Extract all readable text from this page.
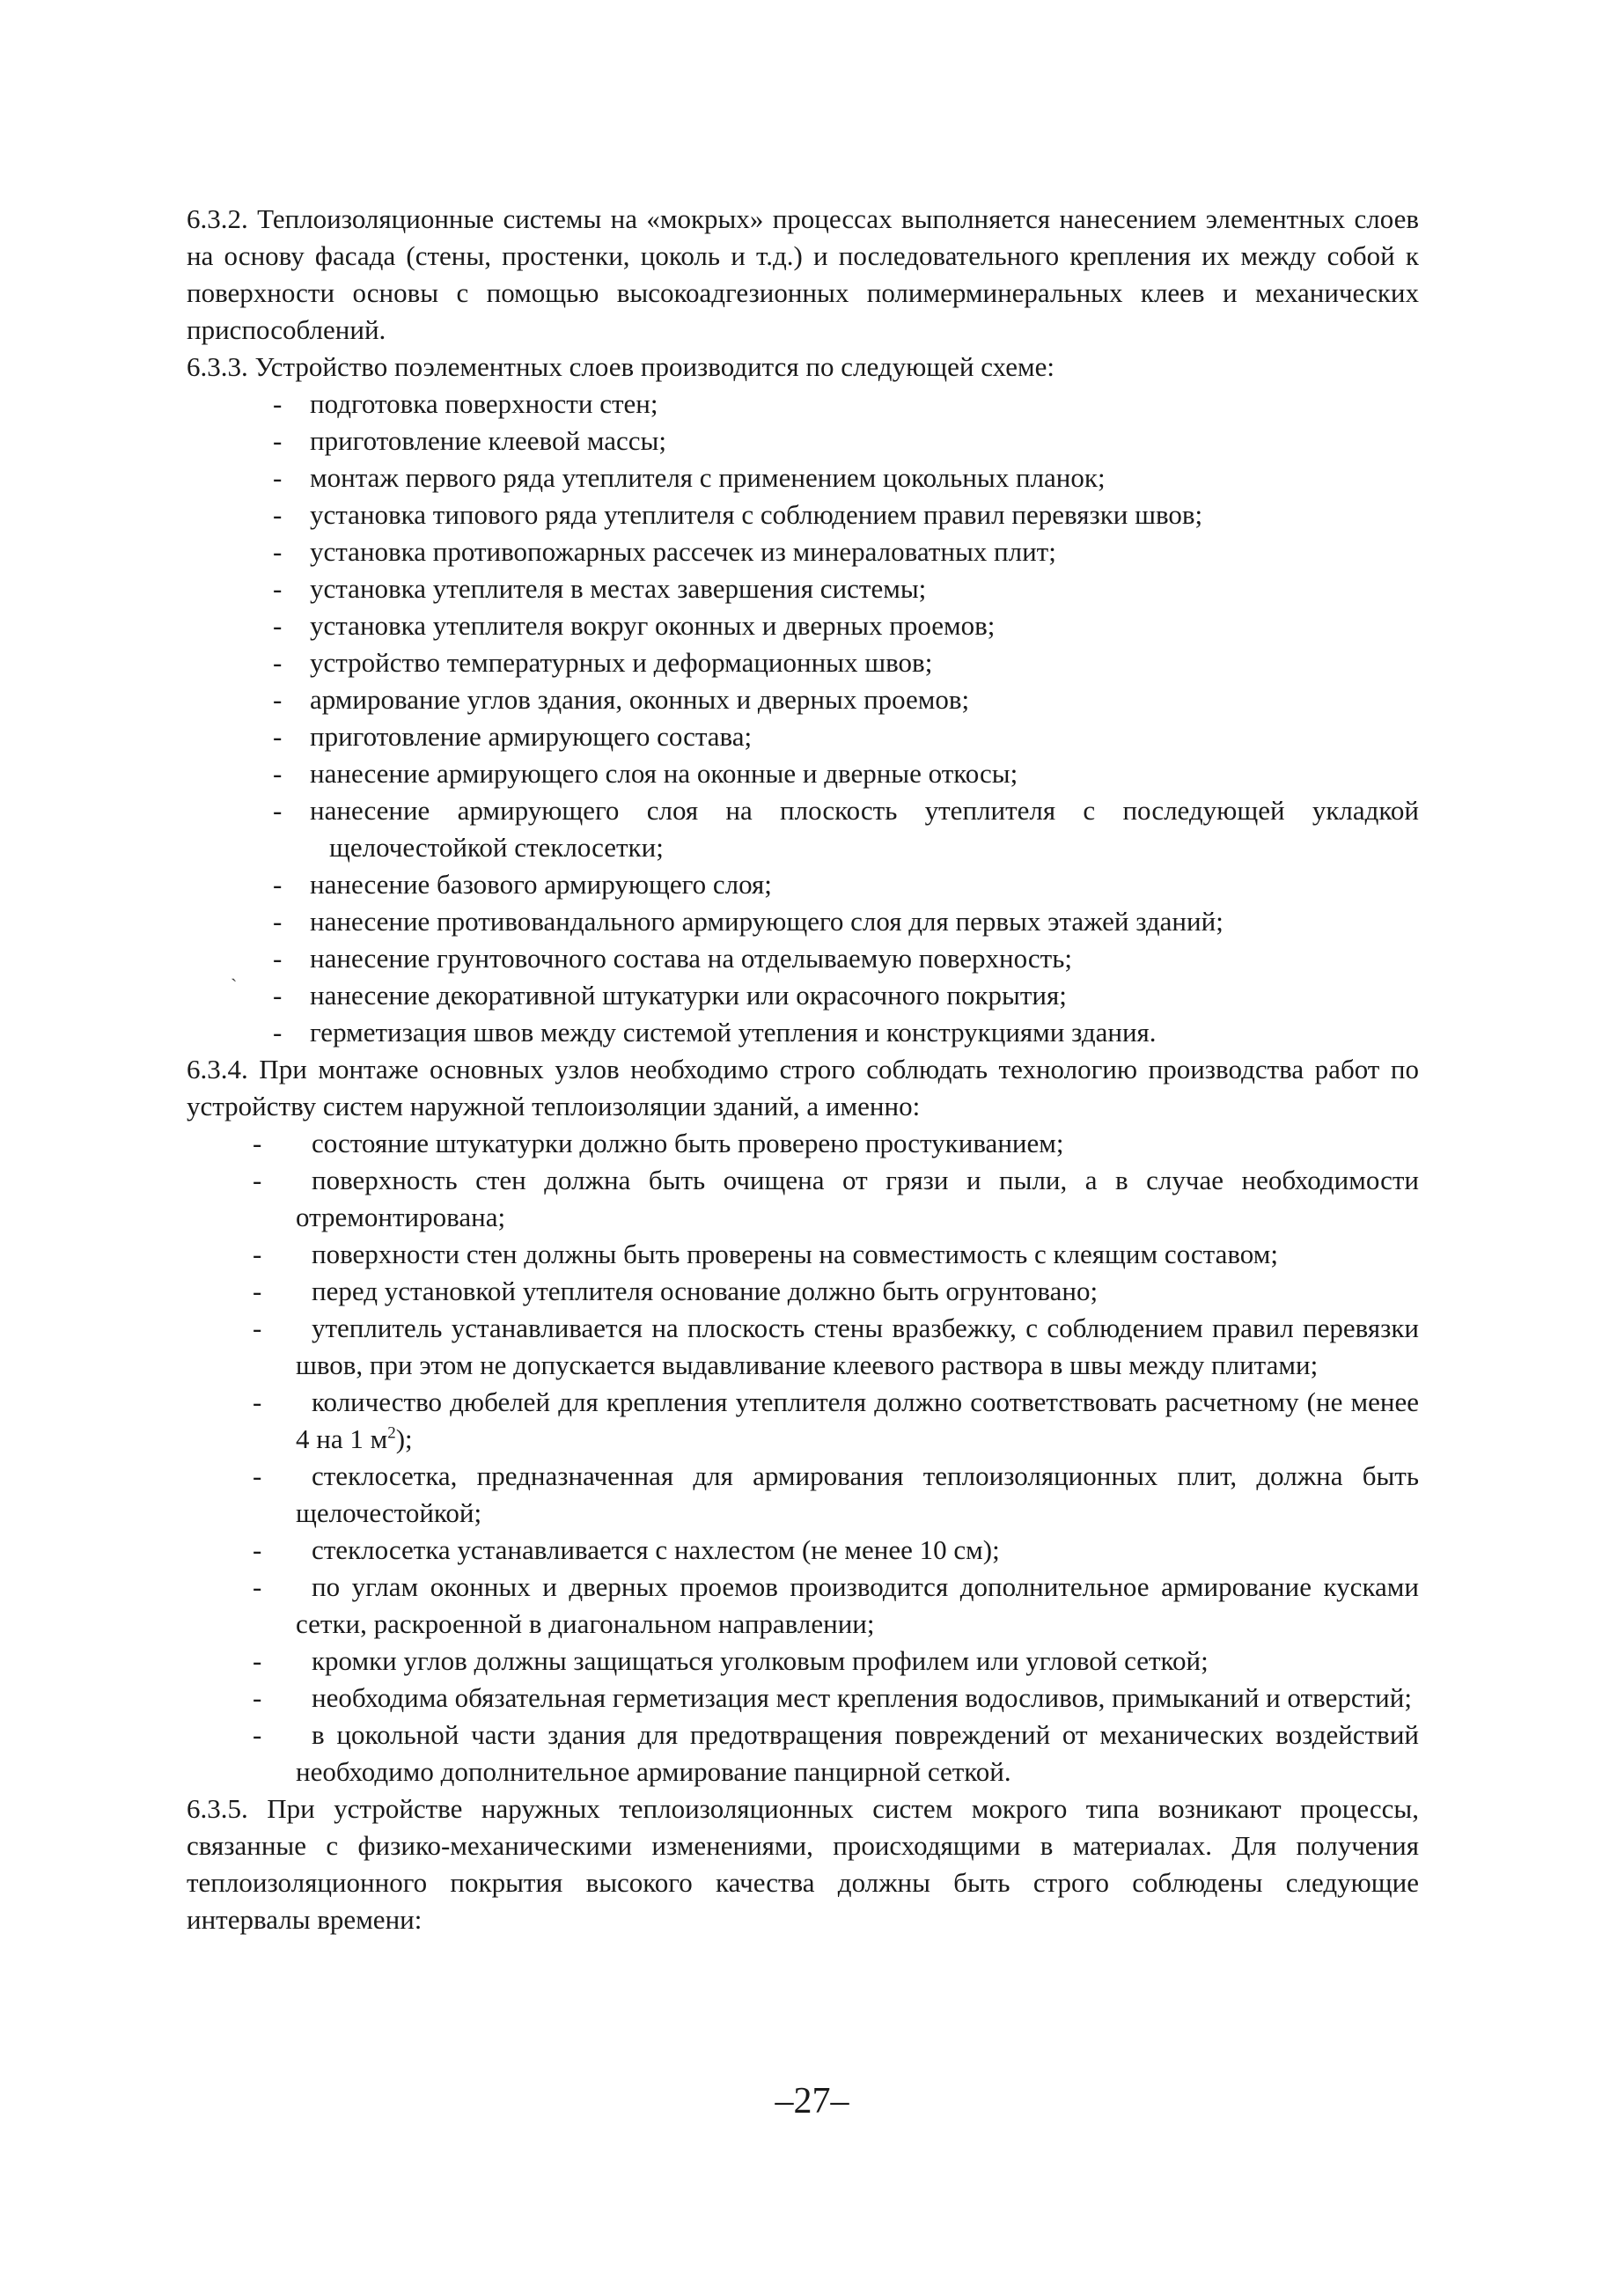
6.3.2. Теплоизоляционные системы на «мокрых» процессах выполняется нанесением элементных слоев на основу фасада (стены, простенки, цоколь и т.д.) и последовательного крепления их между собой к поверхности основы с помощью высокоадгезионных полимерминеральных клеев и механических приспособлений.

6.3.3. Устройство поэлементных слоев производится по следующей схеме:

- подготовка поверхности стен;
- приготовление клеевой массы;
- монтаж первого ряда утеплителя с применением цокольных планок;
- установка типового ряда утеплителя с соблюдением правил перевязки швов;
- установка противопожарных рассечек из минераловатных плит;
- установка утеплителя в местах завершения системы;
- установка утеплителя вокруг оконных и дверных проемов;
- устройство температурных и деформационных швов;
- армирование углов здания, оконных и дверных проемов;
- приготовление армирующего состава;
- нанесение армирующего слоя на оконные и дверные откосы;
- нанесение армирующего слоя на плоскость утеплителя с последующей укладкой
щелочестойкой стеклосетки;
- нанесение базового армирующего слоя;
- нанесение противовандального армирующего слоя для первых этажей зданий;
- нанесение грунтовочного состава на отделываемую поверхность;
- нанесение декоративной штукатурки или окрасочного покрытия;
- герметизация швов между системой утепления и конструкциями здания.

6.3.4. При монтаже основных узлов необходимо строго соблюдать технологию производства работ по устройству систем наружной теплоизоляции зданий, а именно:

-	состояние штукатурки должно быть проверено простукиванием;
-	поверхность стен должна быть очищена от грязи и пыли, а в случае необходимости отремонтирована;
-	поверхности стен должны быть проверены на совместимость с клеящим составом;
-	перед установкой утеплителя основание должно быть огрунтовано;
-	утеплитель устанавливается на плоскость стены вразбежку, с соблюдением правил перевязки швов, при этом не допускается выдавливание клеевого раствора в швы между плитами;
-	количество дюбелей для крепления утеплителя должно соответствовать расчетному (не менее 4 на 1 $м^2$);
-	стеклосетка, предназначенная для армирования теплоизоляционных плит, должна быть щелочестойкой;
-	стеклосетка устанавливается с нахлестом (не менее 10 см);
-	по углам оконных и дверных проемов производится дополнительное армирование кусками сетки, раскроенной в диагональном направлении;
-	кромки углов должны защищаться уголковым профилем или угловой сеткой;
-	необходима обязательная герметизация мест крепления водосливов, примыканий и отверстий;
-	в цокольной части здания для предотвращения повреждений от механических воздействий необходимо дополнительное армирование панцирной сеткой.

6.3.5. При устройстве наружных теплоизоляционных систем мокрого типа возникают процессы, связанные с физико-механическими изменениями, происходящими в материалах. Для получения теплоизоляционного покрытия высокого качества должны быть строго соблюдены следующие интервалы времени:

ˏ
–27–
